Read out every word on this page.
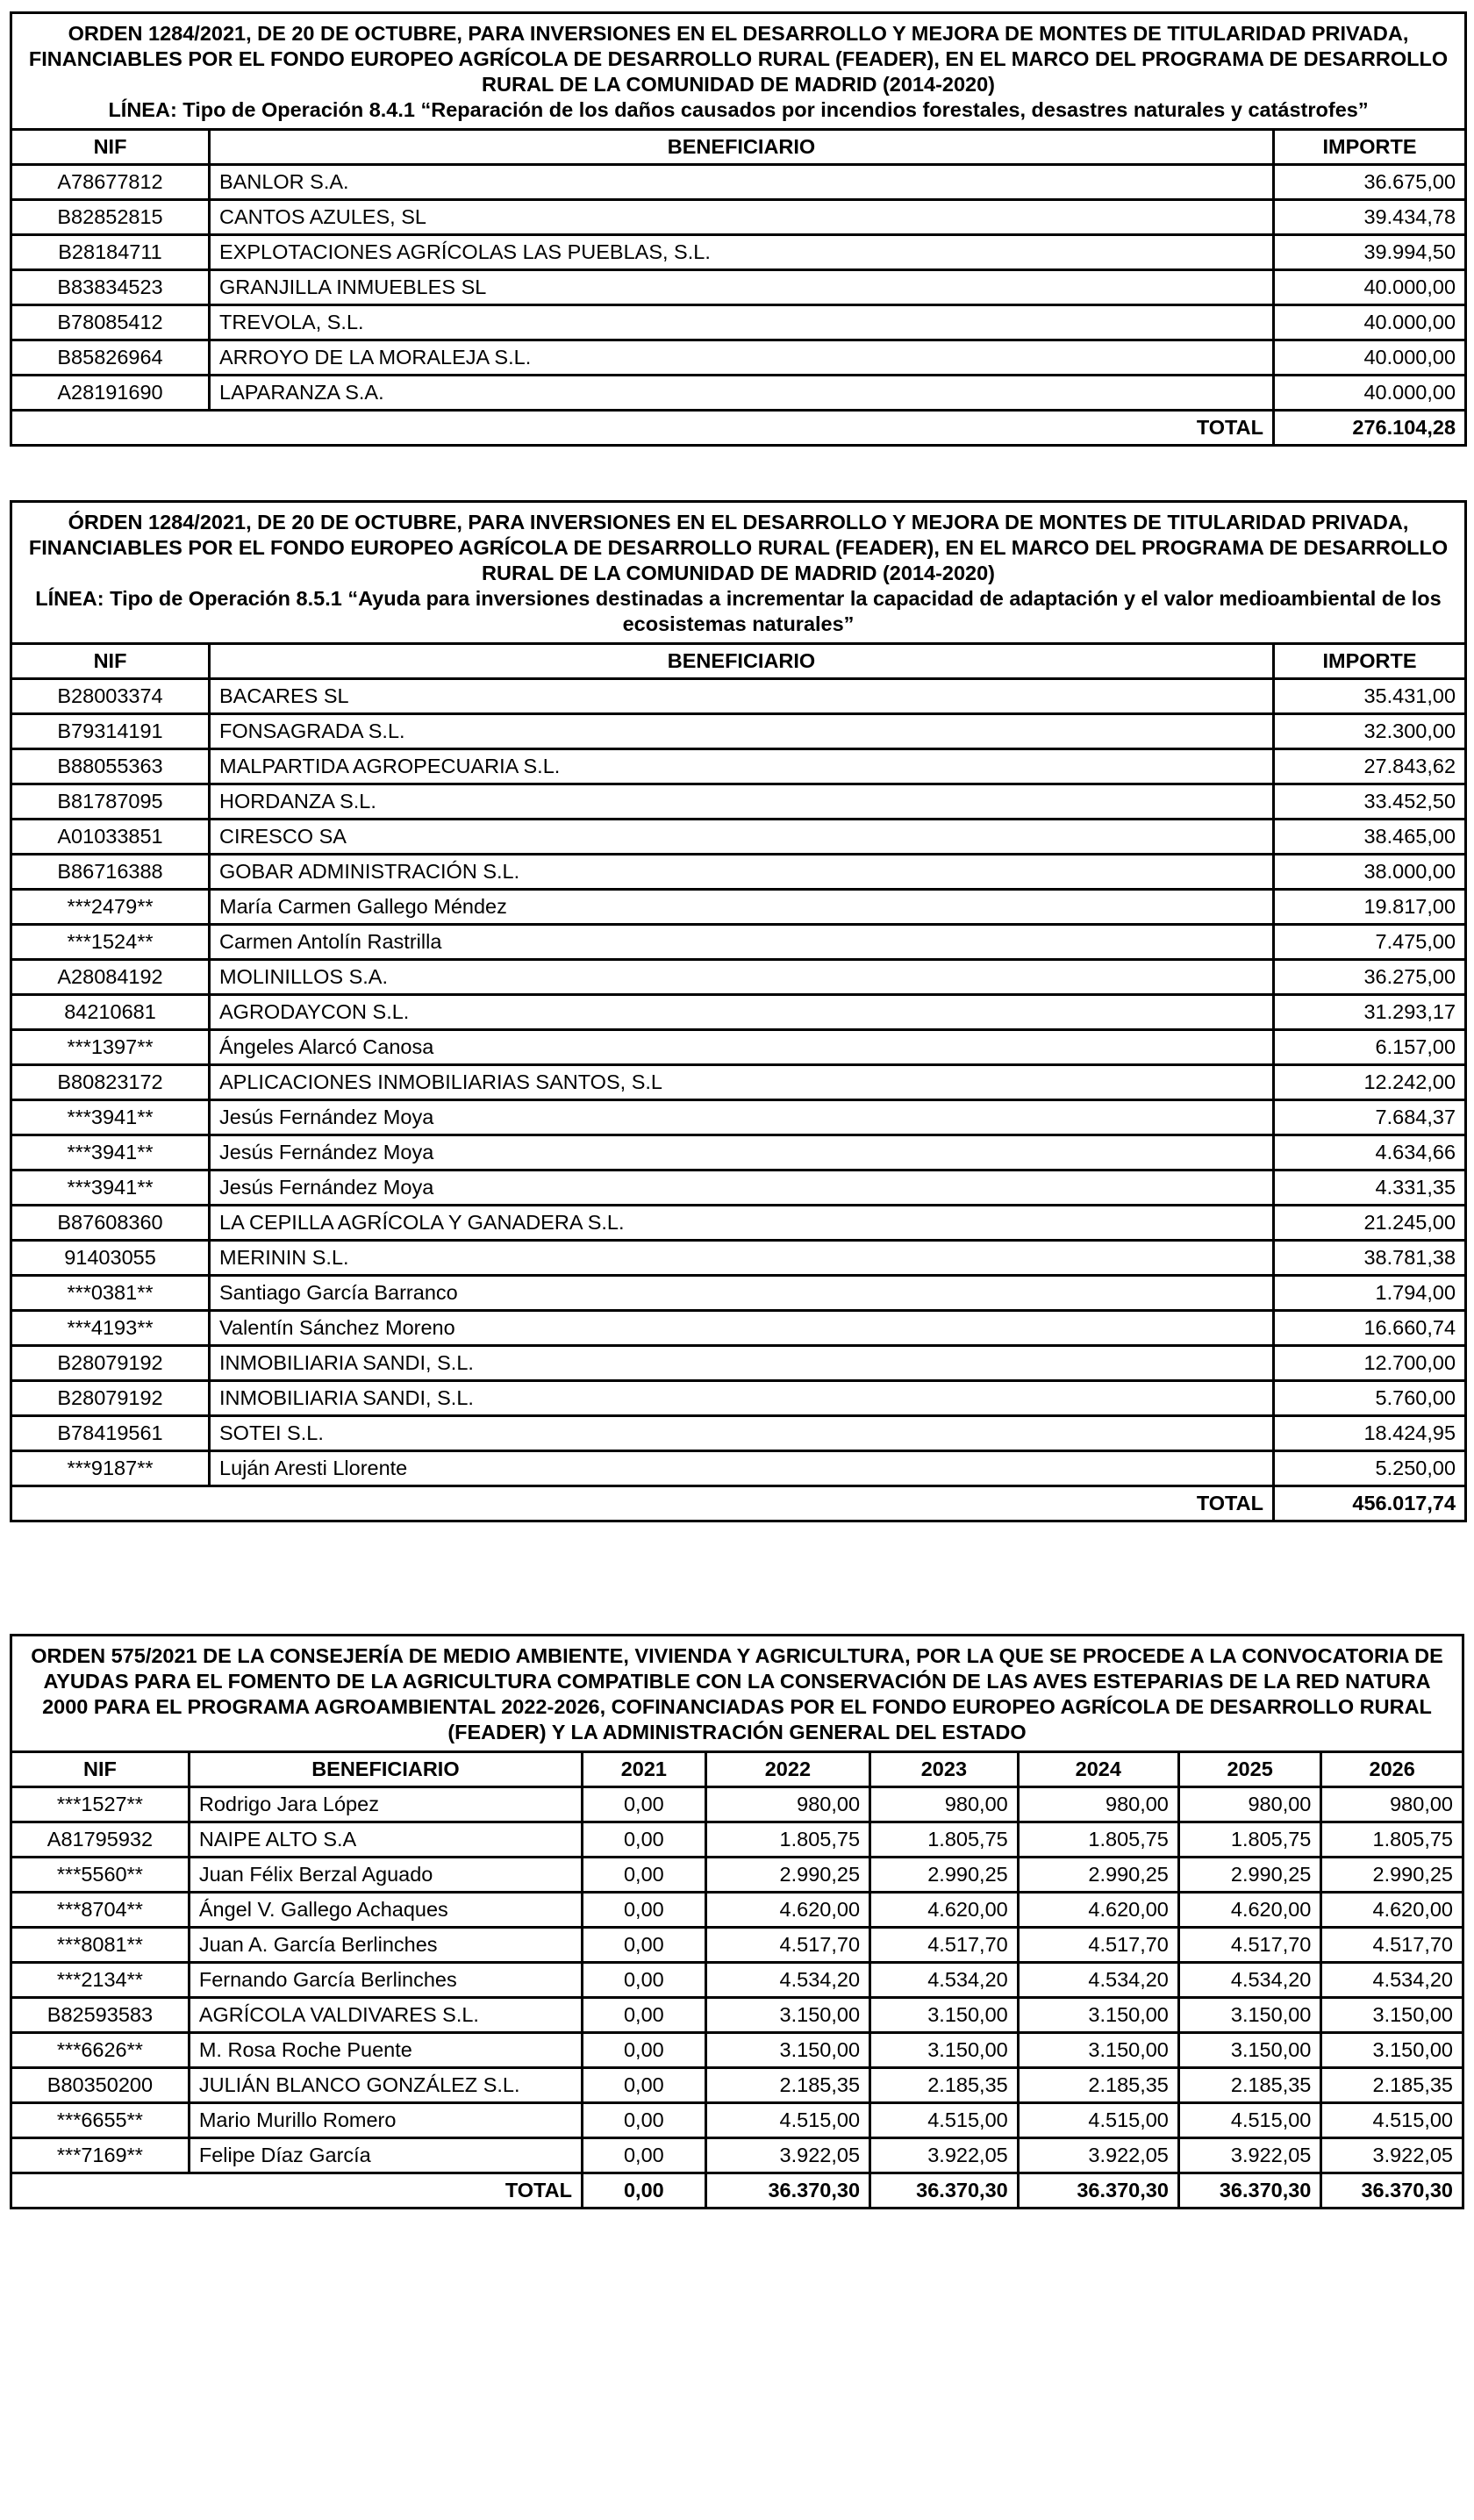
ORDEN 1284/2021, DE 20 DE OCTUBRE, PARA INVERSIONES EN EL DESARROLLO Y MEJORA DE MONTES DE TITULARIDAD PRIVADA, FINANCIABLES POR EL FONDO EUROPEO AGRÍCOLA DE DESARROLLO RURAL (FEADER), EN EL MARCO DEL PROGRAMA DE DESARROLLO RURAL DE LA COMUNIDAD DE MADRID (2014-2020)
LÍNEA: Tipo de Operación 8.4.1 “Reparación de los daños causados por incendios forestales, desastres naturales y catástrofes”		

NIF	BENEFICIARIO	IMPORTE
A78677812	BANLOR S.A.	36.675,00
B82852815	CANTOS AZULES, SL	39.434,78
B28184711	EXPLOTACIONES AGRÍCOLAS LAS PUEBLAS, S.L.	39.994,50
B83834523	GRANJILLA INMUEBLES SL	40.000,00
B78085412	TREVOLA, S.L.	40.000,00
B85826964	ARROYO DE LA MORALEJA S.L.	40.000,00
A28191690	LAPARANZA S.A.	40.000,00
TOTAL		276.104,28
ÓRDEN 1284/2021, DE 20 DE OCTUBRE, PARA INVERSIONES EN EL DESARROLLO Y MEJORA DE MONTES DE TITULARIDAD PRIVADA, FINANCIABLES POR EL FONDO EUROPEO AGRÍCOLA DE DESARROLLO RURAL (FEADER), EN EL MARCO DEL PROGRAMA DE DESARROLLO RURAL DE LA COMUNIDAD DE MADRID (2014-2020)
LÍNEA: Tipo de Operación 8.5.1 “Ayuda para inversiones destinadas a incrementar la capacidad de adaptación y el valor medioambiental de los ecosistemas naturales”		

NIF	BENEFICIARIO	IMPORTE
B28003374	BACARES SL	35.431,00
B79314191	FONSAGRADA S.L.	32.300,00
B88055363	MALPARTIDA AGROPECUARIA S.L.	27.843,62
B81787095	HORDANZA S.L.	33.452,50
A01033851	CIRESCO SA	38.465,00
B86716388	GOBAR ADMINISTRACIÓN S.L.	38.000,00
***2479**	María Carmen Gallego Méndez	19.817,00
***1524**	Carmen Antolín Rastrilla	7.475,00
A28084192	MOLINILLOS S.A.	36.275,00
84210681	AGRODAYCON S.L.	31.293,17
***1397**	Ángeles Alarcó Canosa	6.157,00
B80823172	APLICACIONES INMOBILIARIAS SANTOS, S.L	12.242,00
***3941**	Jesús Fernández Moya	7.684,37
***3941**	Jesús Fernández Moya	4.634,66
***3941**	Jesús Fernández Moya	4.331,35
B87608360	LA CEPILLA AGRÍCOLA Y GANADERA S.L.	21.245,00
91403055	MERININ S.L.	38.781,38
***0381**	Santiago García Barranco	1.794,00
***4193**	Valentín Sánchez Moreno	16.660,74
B28079192	INMOBILIARIA SANDI, S.L.	12.700,00
B28079192	INMOBILIARIA SANDI, S.L.	5.760,00
B78419561	SOTEI S.L.	18.424,95
***9187**	Luján Aresti Llorente	5.250,00
TOTAL		456.017,74
ORDEN 575/2021 DE LA CONSEJERÍA DE MEDIO AMBIENTE, VIVIENDA Y AGRICULTURA, POR LA QUE SE PROCEDE A LA CONVOCATORIA DE AYUDAS PARA EL FOMENTO DE LA AGRICULTURA COMPATIBLE CON LA CONSERVACIÓN DE LAS AVES ESTEPARIAS DE LA RED NATURA 2000 PARA EL PROGRAMA AGROAMBIENTAL 2022-2026, COFINANCIADAS POR EL FONDO EUROPEO AGRÍCOLA DE DESARROLLO RURAL (FEADER) Y LA ADMINISTRACIÓN GENERAL DEL ESTADO							

NIF	BENEFICIARIO	2021	2022	2023	2024	2025	2026
***1527**	Rodrigo Jara López	0,00	980,00	980,00	980,00	980,00	980,00
A81795932	NAIPE ALTO S.A	0,00	1.805,75	1.805,75	1.805,75	1.805,75	1.805,75
***5560**	Juan Félix Berzal Aguado	0,00	2.990,25	2.990,25	2.990,25	2.990,25	2.990,25
***8704**	Ángel V. Gallego Achaques	0,00	4.620,00	4.620,00	4.620,00	4.620,00	4.620,00
***8081**	Juan A. García Berlinches	0,00	4.517,70	4.517,70	4.517,70	4.517,70	4.517,70
***2134**	Fernando García Berlinches	0,00	4.534,20	4.534,20	4.534,20	4.534,20	4.534,20
B82593583	AGRÍCOLA VALDIVARES S.L.	0,00	3.150,00	3.150,00	3.150,00	3.150,00	3.150,00
***6626**	M. Rosa Roche Puente	0,00	3.150,00	3.150,00	3.150,00	3.150,00	3.150,00
B80350200	JULIÁN BLANCO GONZÁLEZ S.L.	0,00	2.185,35	2.185,35	2.185,35	2.185,35	2.185,35
***6655**	Mario Murillo Romero	0,00	4.515,00	4.515,00	4.515,00	4.515,00	4.515,00
***7169**	Felipe Díaz García	0,00	3.922,05	3.922,05	3.922,05	3.922,05	3.922,05
TOTAL		0,00	36.370,30	36.370,30	36.370,30	36.370,30	36.370,30
